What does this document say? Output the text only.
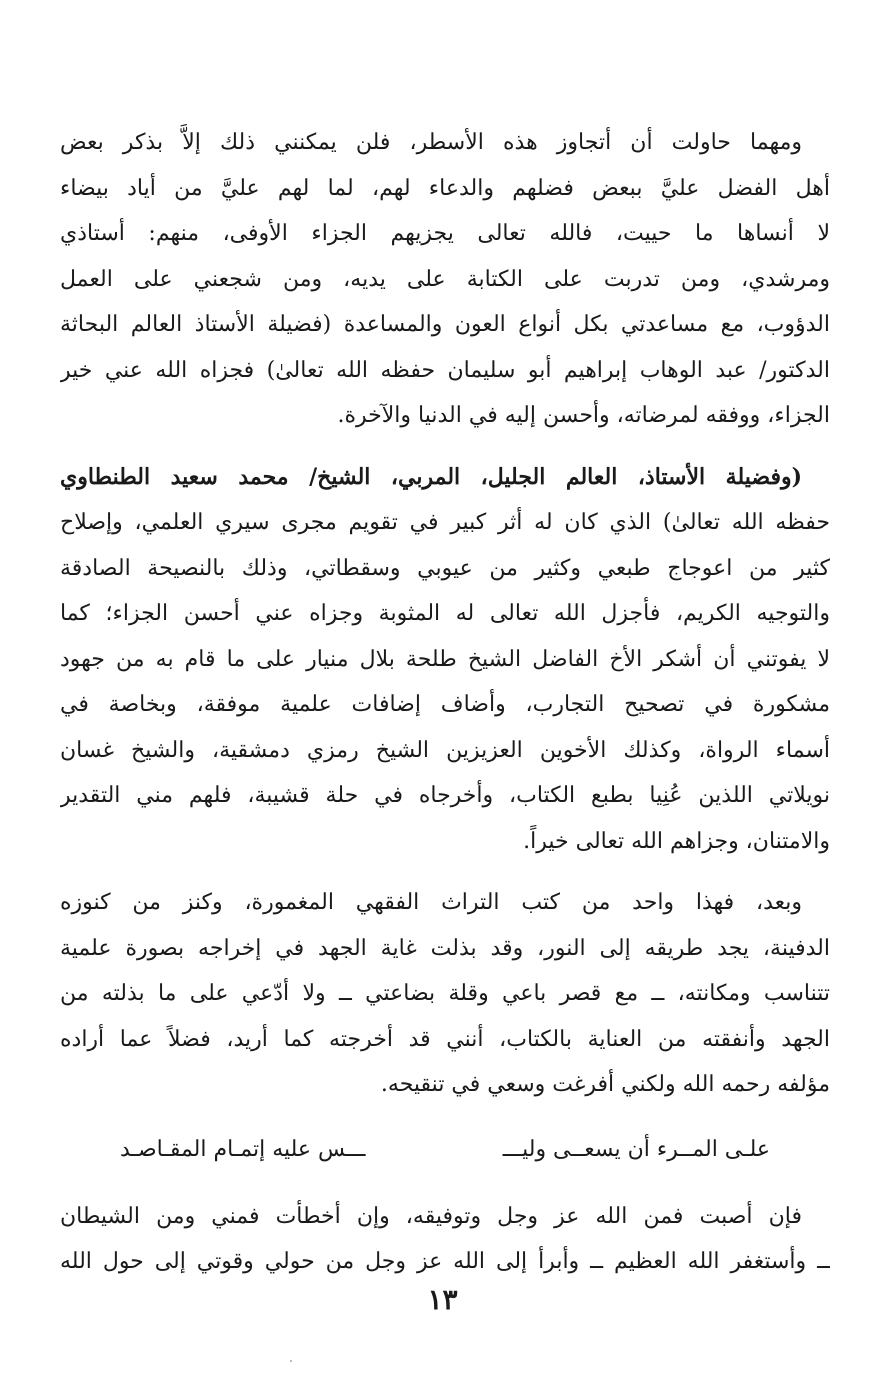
ومهما حاولت أن أتجاوز هذه الأسطر، فلن يمكنني ذلك إلاَّ بذكر بعض
أهل الفضل عليَّ ببعض فضلهم والدعاء لهم، لما لهم عليَّ من أياد بيضاء
لا أنساها ما حييت، فالله تعالى يجزيهم الجزاء الأوفى، منهم: أستاذي
ومرشدي، ومن تدربت على الكتابة على يديه، ومن شجعني على العمل
الدؤوب، مع مساعدتي بكل أنواع العون والمساعدة (فضيلة الأستاذ العالم البحاثة
الدكتور/ عبد الوهاب إبراهيم أبو سليمان حفظه الله تعالىٰ) فجزاه الله عني خير
الجزاء، ووفقه لمرضاته، وأحسن إليه في الدنيا والآخرة.
(وفضيلة الأستاذ، العالم الجليل، المربي، الشيخ/ محمد سعيد الطنطاوي
حفظه الله تعالىٰ) الذي كان له أثر كبير في تقويم مجرى سيري العلمي، وإصلاح
كثير من اعوجاج طبعي وكثير من عيوبي وسقطاتي، وذلك بالنصيحة الصادقة
والتوجيه الكريم، فأجزل الله تعالى له المثوبة وجزاه عني أحسن الجزاء؛ كما
لا يفوتني أن أشكر الأخ الفاضل الشيخ طلحة بلال منيار على ما قام به من جهود
مشكورة في تصحيح التجارب، وأضاف إضافات علمية موفقة، وبخاصة في
أسماء الرواة، وكذلك الأخوين العزيزين الشيخ رمزي دمشقية، والشيخ غسان
نويلاتي اللذين عُنِيا بطبع الكتاب، وأخرجاه في حلة قشيبة، فلهم مني التقدير
والامتنان، وجزاهم الله تعالى خيراً.
وبعد، فهذا واحد من كتب التراث الفقهي المغمورة، وكنز من كنوزه
الدفينة، يجد طريقه إلى النور، وقد بذلت غاية الجهد في إخراجه بصورة علمية
تتناسب ومكانته، ــ مع قصر باعي وقلة بضاعتي ــ ولا أدّعي على ما بذلته من
الجهد وأنفقته من العناية بالكتاب، أنني قد أخرجته كما أريد، فضلاً عما أراده
مؤلفه رحمه الله ولكني أفرغت وسعي في تنقيحه.
علـى المــرء أن يسعــى وليـــ
ـــس عليه إتمـام المقـاصـد
فإن أصبت فمن الله عز وجل وتوفيقه، وإن أخطأت فمني ومن الشيطان
ــ وأستغفر الله العظيم ــ وأبرأ إلى الله عز وجل من حولي وقوتي إلى حول الله
١٣
